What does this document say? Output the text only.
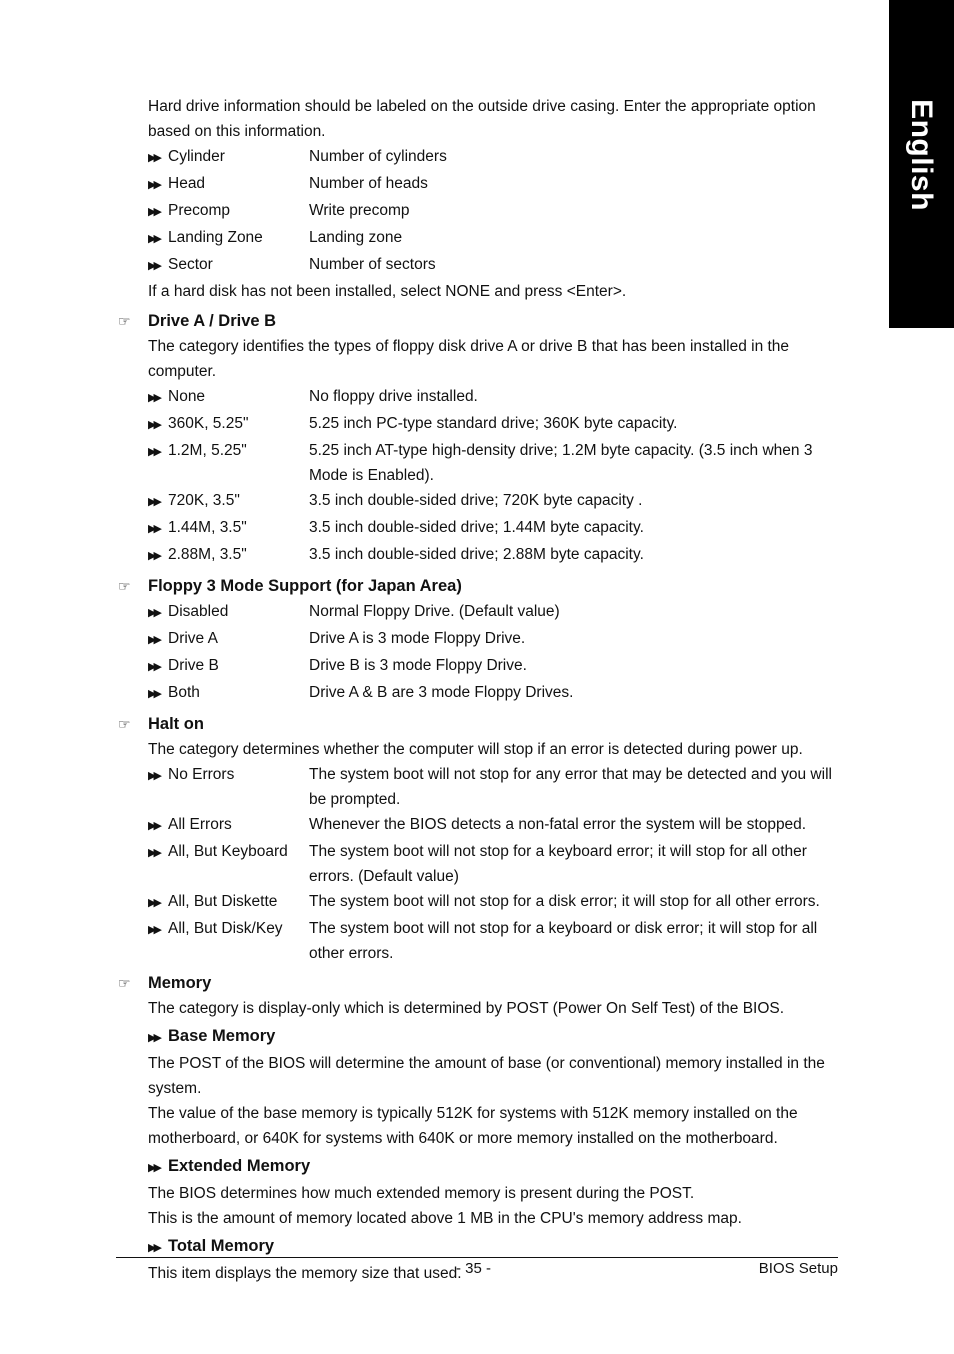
English

Hard drive information should be labeled on the outside drive casing. Enter the appropriate option based on this information.

▶▶ Cylinder	Number of cylinders
▶▶ Head	Number of heads
▶▶ Precomp	Write precomp
▶▶ Landing Zone	Landing zone
▶▶ Sector	Number of sectors

If a hard disk has not been installed, select NONE and press <Enter>.

☞ Drive A / Drive B

The category identifies the types of floppy disk drive A or drive B that has been installed in the computer.

▶▶ None	No floppy drive installed.
▶▶ 360K, 5.25"	5.25 inch PC-type standard drive; 360K byte capacity.
▶▶ 1.2M, 5.25"	5.25 inch AT-type high-density drive; 1.2M byte capacity. (3.5 inch when 3 Mode is Enabled).
▶▶ 720K, 3.5"	3.5 inch double-sided drive; 720K byte capacity .
▶▶ 1.44M, 3.5"	3.5 inch double-sided drive; 1.44M byte capacity.
▶▶ 2.88M, 3.5"	3.5 inch double-sided drive; 2.88M byte capacity.
☞ Floppy 3 Mode Support (for Japan Area)
▶▶ Disabled	Normal Floppy Drive. (Default value)
▶▶ Drive A	Drive A is 3 mode Floppy Drive.
▶▶ Drive B	Drive B is 3 mode Floppy Drive.
▶▶ Both	Drive A & B are 3 mode Floppy Drives.
☞ Halt on

The category determines whether the computer will stop if an error is detected during power up.

▶▶ No Errors	The system boot will not stop for any error that may be detected and you will be prompted.
▶▶ All Errors	Whenever the BIOS detects a non-fatal error the system will be stopped.
▶▶ All, But Keyboard	The system boot will not stop for a keyboard error; it will stop for all other errors. (Default value)
▶▶ All, But Diskette	The system boot will not stop for a disk error; it will stop for all other errors.
▶▶ All, But Disk/Key	The system boot will not stop for a keyboard or disk error; it will stop for all other errors.
☞ Memory

The category is display-only which is determined by POST (Power On Self Test) of the BIOS.

▶▶ Base Memory

The POST of the BIOS will determine the amount of base (or conventional) memory installed in the system.

The value of the base memory is typically 512K for systems with 512K memory installed on the motherboard, or 640K for systems with 640K or more memory installed on the motherboard.

▶▶ Extended Memory

The BIOS determines how much extended memory is present during the POST.

This is the amount of memory located above 1 MB in the CPU's memory address map.

▶▶ Total Memory

This item displays the memory size that used.

- 35 -	BIOS Setup
